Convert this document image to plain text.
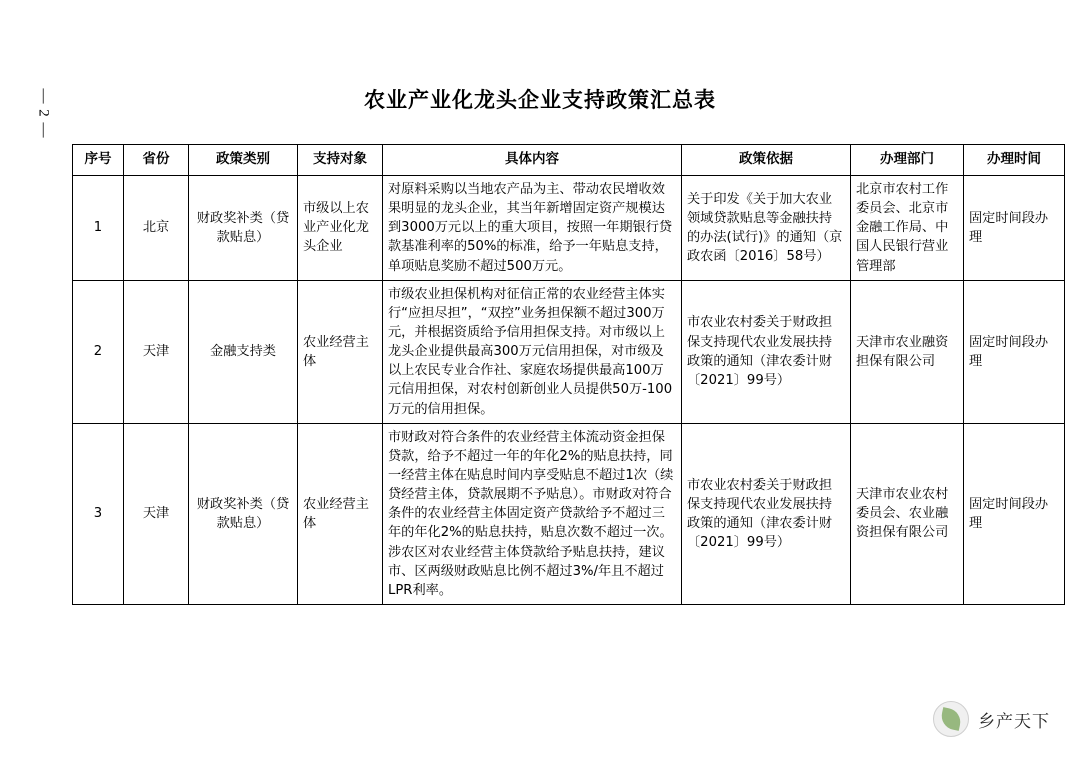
— 2 —	农业产业化龙头企业支持政策汇总表
序号	省份	政策类别	支持对象	具体内容	政策依据	办理部门	办理时间
1	北京	财政奖补类（贷款贴息）	市级以上农业产业化龙头企业	对原料采购以当地农产品为主、带动农民增收效果明显的龙头企业，其当年新增固定资产规模达到3000万元以上的重大项目，按照一年期银行贷款基准利率的50%的标准，给予一年贴息支持，单项贴息奖励不超过500万元。	关于印发《关于加大农业领域贷款贴息等金融扶持的办法(试行)》的通知（京政农函〔2016〕58号）	北京市农村工作委员会、北京市金融工作局、中国人民银行营业管理部	固定时间段办理
2	天津	金融支持类	农业经营主体	市级农业担保机构对征信正常的农业经营主体实行“应担尽担”，“双控”业务担保额不超过300万元，并根据资质给予信用担保支持。对市级以上龙头企业提供最高300万元信用担保，对市级及以上农民专业合作社、家庭农场提供最高100万元信用担保，对农村创新创业人员提供50万-100万元的信用担保。	市农业农村委关于财政担保支持现代农业发展扶持政策的通知（津农委计财〔2021〕99号）	天津市农业融资担保有限公司	固定时间段办理
3	天津	财政奖补类（贷款贴息）	农业经营主体	市财政对符合条件的农业经营主体流动资金担保贷款，给予不超过一年的年化2%的贴息扶持，同一经营主体在贴息时间内享受贴息不超过1次（续贷经营主体，贷款展期不予贴息）。市财政对符合条件的农业经营主体固定资产贷款给予不超过三年的年化2%的贴息扶持，贴息次数不超过一次。涉农区对农业经营主体贷款给予贴息扶持，建议市、区两级财政贴息比例不超过3%/年且不超过LPR利率。	市农业农村委关于财政担保支持现代农业发展扶持政策的通知（津农委计财〔2021〕99号）	天津市农业农村委员会、农业融资担保有限公司	固定时间段办理
乡产天下
